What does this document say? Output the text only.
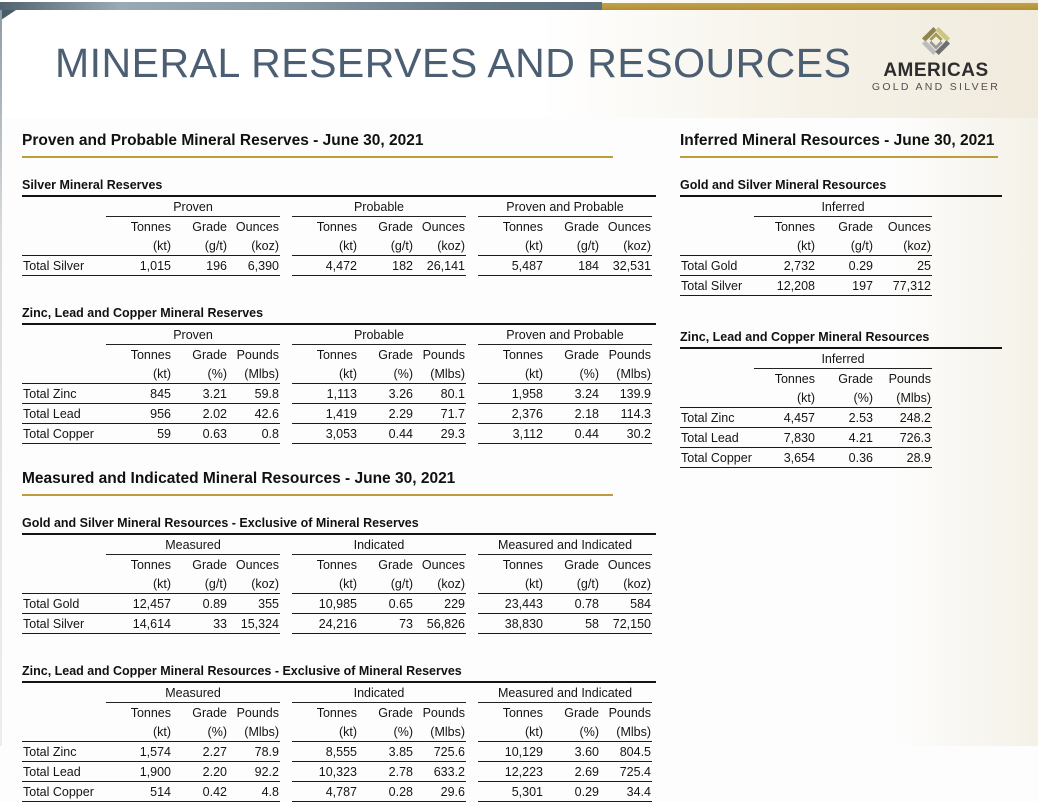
MINERAL RESERVES AND RESOURCES	AMERICAS
GOLD AND SILVER
Proven and Probable Mineral Reserves - June 30, 2021
Silver Mineral Reserves
Proven	Probable	Proven and Probable
Tonnes	Grade Ounces	Tonnes	Grade Ounces	Tonnes	Grade Ounces
(kt)	(g/t)	(koz)	(kt)	(g/t)	(koz)	(kt)	(g/t)	(koz)
Total Silver	1,015	196	6,390	4,472	182	26,141	5,487	184	32,531
Zinc, Lead and Copper Mineral Reserves
Proven	Probable	Proven and Probable
Tonnes	Grade Pounds	Tonnes	Grade Pounds	Tonnes	Grade Pounds
(kt)	(%)	(Mlbs)	(kt)	(%)	(Mlbs)	(kt)	(%)	(Mlbs)
Total Zinc	845	3.21	59.8	1,113	3.26	80.1	1,958	3.24	139.9
Total Lead	956	2.02	42.6	1,419	2.29	71.7	2,376	2.18	114.3
Total Copper	59	0.63	0.8	3,053	0.44	29.3	3,112	0.44	30.2
Measured and Indicated Mineral Resources - June 30, 2021
Gold and Silver Mineral Resources - Exclusive of Mineral Reserves
Measured	Indicated	Measured and Indicated
Tonnes	Grade Ounces	Tonnes	Grade Ounces	Tonnes	Grade Ounces
(kt)	(g/t)	(koz)	(kt)	(g/t)	(koz)	(kt)	(g/t)	(koz)
Total Gold	12,457	0.89	355	10,985	0.65	229	23,443	0.78	584
Total Silver	14,614	33	15,324	24,216	73	56,826	38,830	58	72,150
Zinc, Lead and Copper Mineral Resources - Exclusive of Mineral Reserves
Measured	Indicated	Measured and Indicated
Tonnes	Grade Pounds	Tonnes	Grade Pounds	Tonnes	Grade Pounds
(kt)	(%)	(Mlbs)	(kt)	(%)	(Mlbs)	(kt)	(%)	(Mlbs)
Total Zinc	1,574	2.27	78.9	8,555	3.85	725.6	10,129	3.60	804.5
Total Lead	1,900	2.20	92.2	10,323	2.78	633.2	12,223	2.69	725.4
Total Copper	514	0.42	4.8	4,787	0.28	29.6	5,301	0.29	34.4
Inferred Mineral Resources - June 30, 2021
Gold and Silver Mineral Resources
Inferred
Tonnes	Grade	Ounces
(kt)	(g/t)	(koz)
Total Gold	2,732	0.29	25
Total Silver	12,208	197	77,312
Zinc, Lead and Copper Mineral Resources
Inferred
Tonnes	Grade	Pounds
(kt)	(%)	(Mlbs)
Total Zinc	4,457	2.53	248.2
Total Lead	7,830	4.21	726.3
Total Copper	3,654	0.36	28.9
